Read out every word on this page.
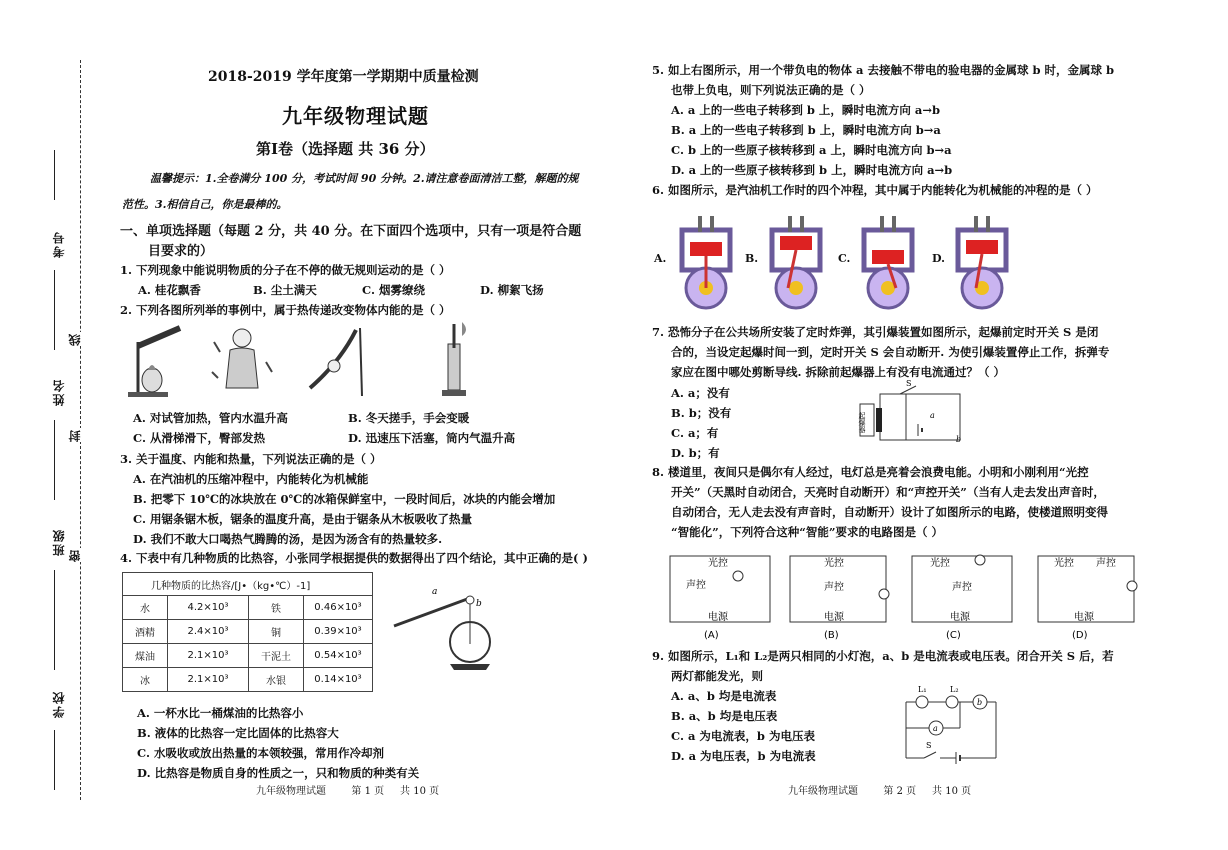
考号
姓名
班级
学校
线
封
密
2018-2019 学年度第一学期期中质量检测
九年级物理试题
第Ⅰ卷（选择题 共 36 分）
温馨提示：1.全卷满分 100 分，考试时间 90 分钟。2.请注意卷面清洁工整，解题的规
范性。3.相信自己，你是最棒的。
一、单项选择题（每题 2 分，共 40 分。在下面四个选项中，只有一项是符合题
目要求的）
1. 下列现象中能说明物质的分子在不停的做无规则运动的是（ ）
A. 桂花飘香	B. 尘土满天	C. 烟雾缭绕	D. 柳絮飞扬
2. 下列各图所列举的事例中，属于热传递改变物体内能的是（ ）
A. 对试管加热，管内水温升高	B. 冬天搓手，手会变暖
C. 从滑梯滑下，臀部发热	D. 迅速压下活塞，筒内气温升高
3. 关于温度、内能和热量，下列说法正确的是（ ）
A. 在汽油机的压缩冲程中，内能转化为机械能
B. 把零下 10℃的冰块放在 0℃的冰箱保鲜室中，一段时间后，冰块的内能会增加
C. 用锯条锯木板，锯条的温度升高，是由于锯条从木板吸收了热量
D. 我们不敢大口喝热气腾腾的汤，是因为汤含有的热量较多.
4. 下表中有几种物质的比热容，小张同学根据提供的数据得出了四个结论，其中正确的是( )
几种物质的比热容/[J•（kg•℃）-1]			
水	4.2×10³	铁	0.46×10³
酒精	2.4×10³	铜	0.39×10³
煤油	2.1×10³	干泥土	0.54×10³
冰	2.1×10³	水银	0.14×10³
a
b
A. 一杯水比一桶煤油的比热容小
B. 液体的比热容一定比固体的比热容大
C. 水吸收或放出热量的本领较强，常用作冷却剂
D. 比热容是物质自身的性质之一，只和物质的种类有关
九年级物理试题        第 1 页     共 10 页
5. 如上右图所示，用一个带负电的物体 a 去接触不带电的验电器的金属球 b 时，金属球 b
也带上负电，则下列说法正确的是（ ）
A. a 上的一些电子转移到 b 上，瞬时电流方向 a→b
B. a 上的一些电子转移到 b 上，瞬时电流方向 b→a
C. b 上的一些原子核转移到 a 上，瞬时电流方向 b→a
D. a 上的一些原子核转移到 b 上，瞬时电流方向 a→b
6. 如图所示，是汽油机工作时的四个冲程，其中属于内能转化为机械能的冲程的是（ ）
A.	B.	C.	D.
7. 恐怖分子在公共场所安装了定时炸弹，其引爆装置如图所示，起爆前定时开关 S 是闭
合的，当设定起爆时间一到，定时开关 S 会自动断开. 为使引爆装置停止工作，拆弹专
家应在图中哪处剪断导线. 拆除前起爆器上有没有电流通过？（ ）
A. a；没有
B. b；没有
C. a；有
D. b；有
S
起爆器	a
b
8. 楼道里，夜间只是偶尔有人经过，电灯总是亮着会浪费电能。小明和小刚利用“光控
开关”（天黑时自动闭合，天亮时自动断开）和“声控开关”（当有人走去发出声音时，
自动闭合，无人走去没有声音时，自动断开）设计了如图所示的电路，使楼道照明变得
“智能化”，下列符合这种“智能”要求的电路图是（ ）
光控
声控
电源
(A)
光控
声控
电源
(B)
光控
声控
电源
(C)
光控 声控
电源
(D)
9. 如图所示，L₁和 L₂是两只相同的小灯泡，a、b 是电流表或电压表。闭合开关 S 后，若
两灯都能发光，则
A. a、b 均是电流表
B. a、b 均是电压表
C. a 为电流表，b 为电压表
D. a 为电压表，b 为电流表
L₁	L₂
b
a
S
九年级物理试题        第 2 页     共 10 页
